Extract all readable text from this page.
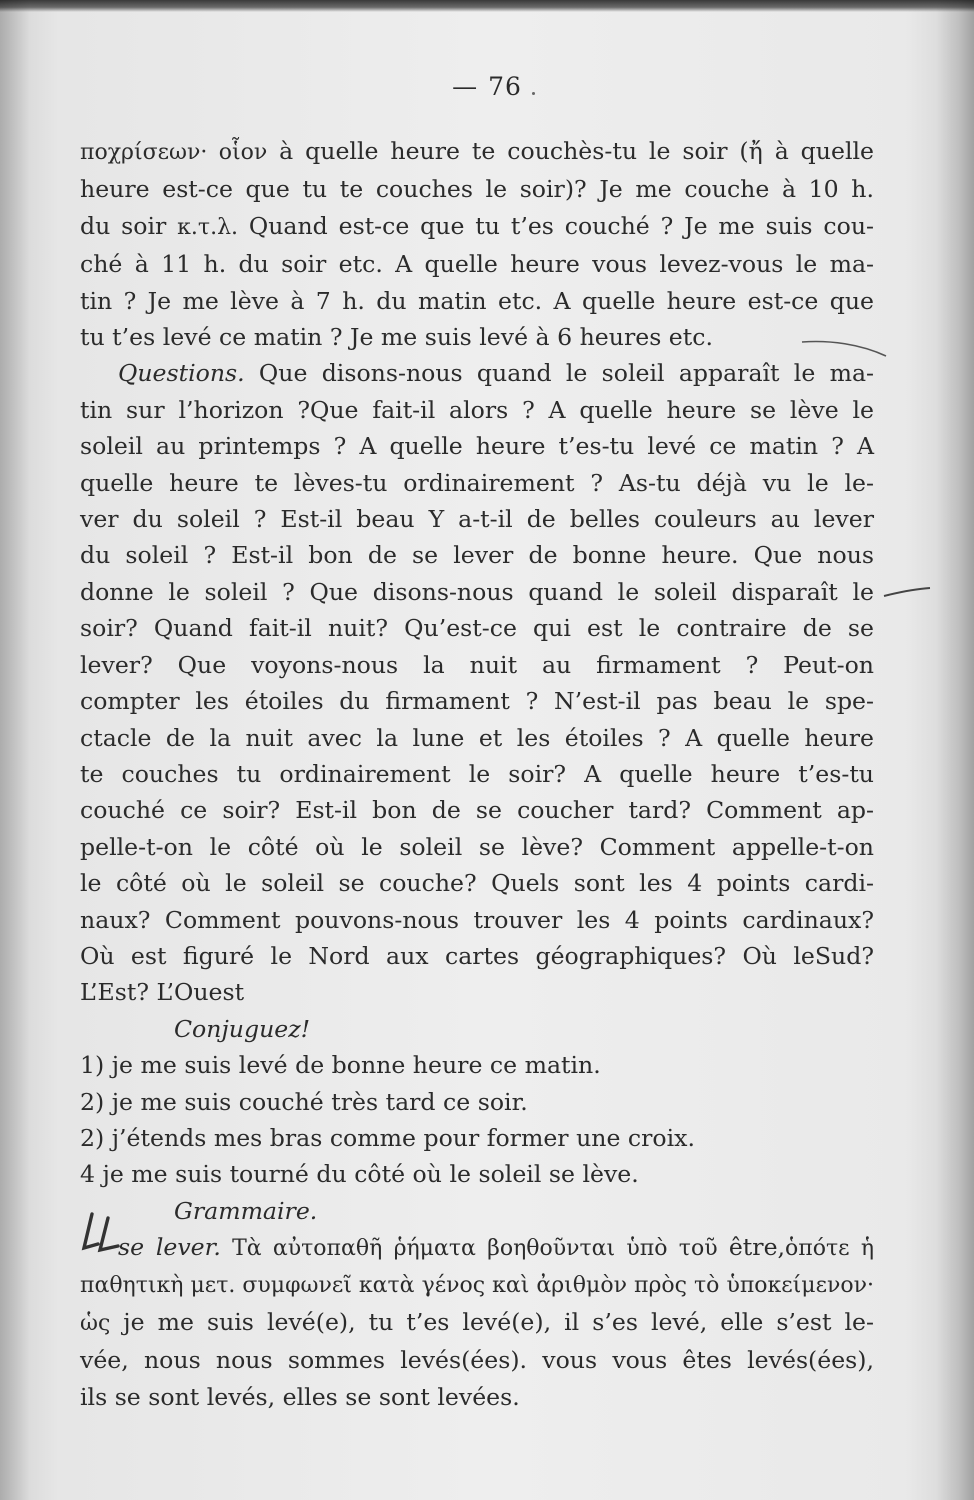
— 76
ποχρίσεων· οἷον à quelle heure te couchès-tu le soir (ἤ à quelle
heure est-ce que tu te couches le soir)? Je me couche à 10 h.
du soir κ.τ.λ. Quand est-ce que tu t’es couché ? Je me suis cou-
ché à 11 h. du soir etc. A quelle heure vous levez-vous le ma-
tin ? Je me lève à 7 h. du matin etc. A quelle heure est-ce que
tu t’es levé ce matin ? Je me suis levé à 6 heures etc.
Questions. Que disons-nous quand le soleil apparaît le ma-
tin sur l’horizon ?Que fait-il alors ? A quelle heure se lève le
soleil au printemps ? A quelle heure t’es-tu levé ce matin ? A
quelle heure te lèves-tu ordinairement ? As-tu déjà vu le le-
ver du soleil ? Est-il beau Y a-t-il de belles couleurs au lever
du soleil ? Est-il bon de se lever de bonne heure. Que nous
donne le soleil ? Que disons-nous quand le soleil disparaît le
soir? Quand fait-il nuit? Qu’est-ce qui est le contraire de se
lever? Que voyons-nous la nuit au firmament ? Peut-on
compter les étoiles du firmament ? N’est-il pas beau le spe-
ctacle de la nuit avec la lune et les étoiles ? A quelle heure
te couches tu ordinairement le soir? A quelle heure t’es-tu
couché ce soir? Est-il bon de se coucher tard? Comment ap-
pelle-t-on le côté où le soleil se lève? Comment appelle-t-on
le côté où le soleil se couche? Quels sont les 4 points cardi-
naux? Comment pouvons-nous trouver les 4 points cardinaux?
Où est figuré le Nord aux cartes géographiques? Où leSud?
L’Est? L’Ouest
Conjuguez!
1) je me suis levé de bonne heure ce matin.
2) je me suis couché très tard ce soir.
2) j’étends mes bras comme pour former une croix.
4 je me suis tourné du côté où le soleil se lève.
Grammaire.
se lever. Τὰ αὐτοπαθῆ ῥήματα βοηθοῦνται ὑπὸ τοῦ être,ὁπότε ἡ
παθητικὴ μετ. συμφωνεῖ κατὰ γένος καὶ ἀριθμὸν πρὸς τὸ ὑποκείμενον·
ὡς je me suis levé(e), tu t’es levé(e), il s’es levé, elle s’est le-
vée, nous nous sommes levés(ées). vous vous êtes levés(ées),
ils se sont levés, elles se sont levées.
